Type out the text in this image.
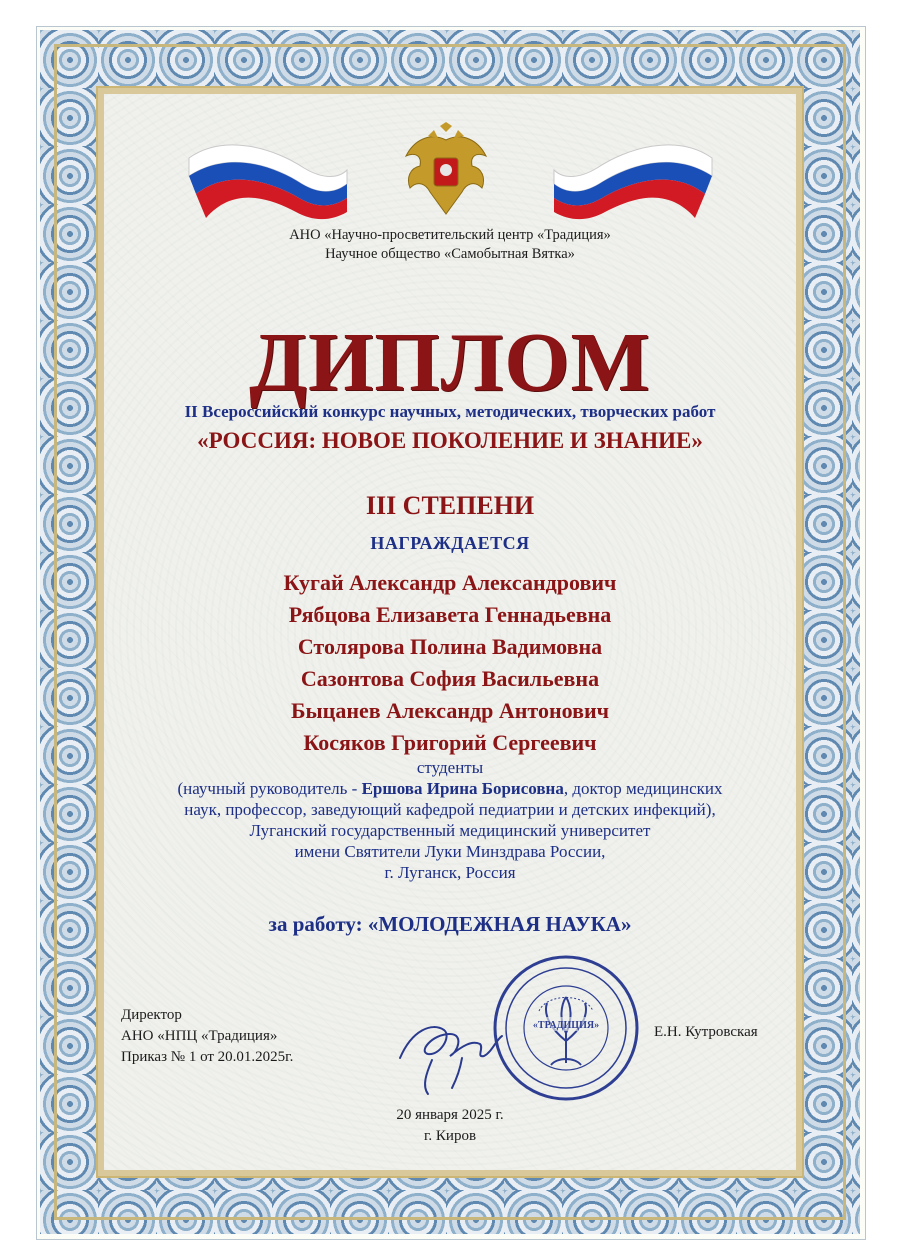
АНО «Научно-просветительский центр «Традиция»
Научное общество «Самобытная Вятка»
ДИПЛОМ
II Всероссийский конкурс научных, методических, творческих работ
«РОССИЯ: НОВОЕ ПОКОЛЕНИЕ И ЗНАНИЕ»
III СТЕПЕНИ
НАГРАЖДАЕТСЯ
Кугай Александр Александрович
Рябцова Елизавета Геннадьевна
Столярова Полина Вадимовна
Сазонтова София Васильевна
Быцанев Александр Антонович
Косяков Григорий Сергеевич
студенты
(научный руководитель - Ершова Ирина Борисовна, доктор медицинских
наук, профессор, заведующий кафедрой педиатрии и детских инфекций),
Луганский государственный медицинский университет
имени Святители Луки Минздрава России,
г. Луганск, Россия
за работу: «МОЛОДЕЖНАЯ НАУКА»
Директор
АНО «НПЦ «Традиция»
Приказ № 1 от 20.01.2025г.
«ТРАДИЦИЯ»	Е.Н. Кутровская
20 января 2025 г.
г. Киров
